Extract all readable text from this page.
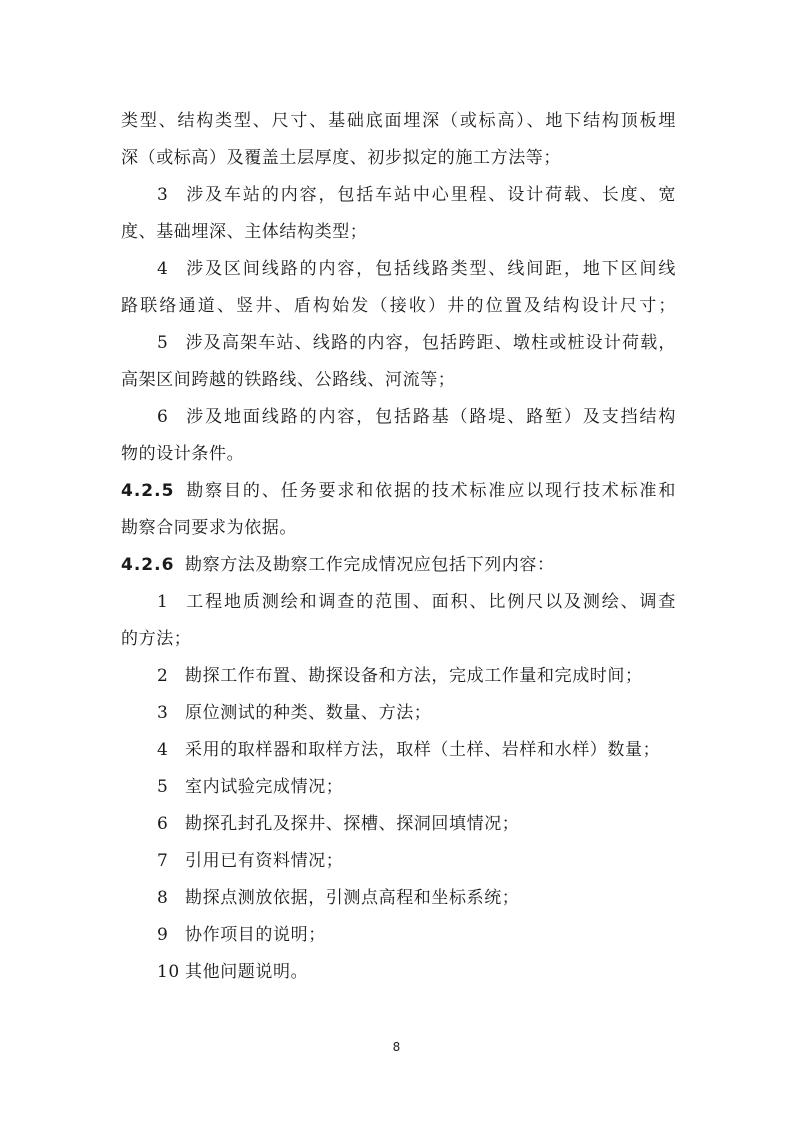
类型、结构类型、尺寸、基础底面埋深（或标高）、地下结构顶板埋
深（或标高）及覆盖土层厚度、初步拟定的施工方法等；
3 涉及车站的内容，包括车站中心里程、设计荷载、长度、宽
度、基础埋深、主体结构类型；
4 涉及区间线路的内容，包括线路类型、线间距，地下区间线
路联络通道、竖井、盾构始发（接收）井的位置及结构设计尺寸；
5 涉及高架车站、线路的内容，包括跨距、墩柱或桩设计荷载，
高架区间跨越的铁路线、公路线、河流等；
6 涉及地面线路的内容，包括路基（路堤、路堑）及支挡结构
物的设计条件。
4.2.5 勘察目的、任务要求和依据的技术标准应以现行技术标准和
勘察合同要求为依据。
4.2.6 勘察方法及勘察工作完成情况应包括下列内容：
1 工程地质测绘和调查的范围、面积、比例尺以及测绘、调查
的方法；
2 勘探工作布置、勘探设备和方法，完成工作量和完成时间；
3 原位测试的种类、数量、方法；
4 采用的取样器和取样方法，取样（土样、岩样和水样）数量；
5 室内试验完成情况；
6 勘探孔封孔及探井、探槽、探洞回填情况；
7 引用已有资料情况；
8 勘探点测放依据，引测点高程和坐标系统；
9 协作项目的说明；
10 其他问题说明。
8
